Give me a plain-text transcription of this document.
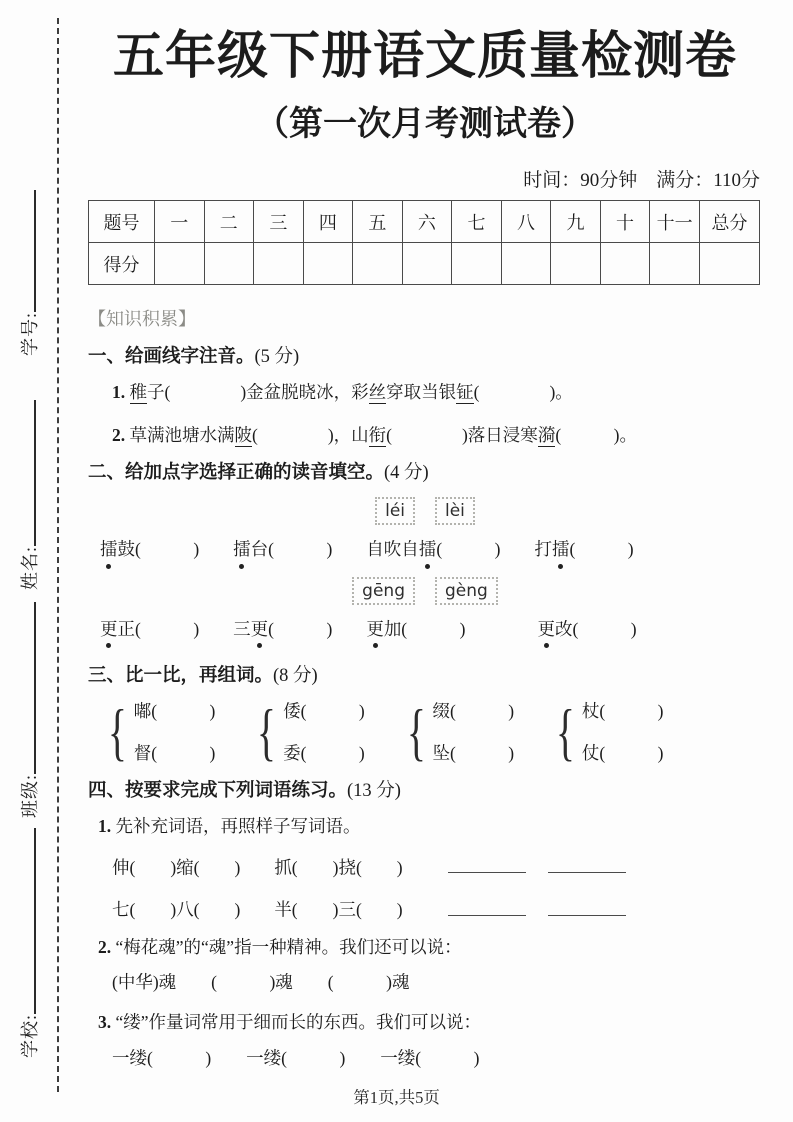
学校:班级:姓名:学号:
五年级下册语文质量检测卷
（第一次月考测试卷）
时间：90分钟　满分：110分
题号	一	二	三	四	五	六	七	八	九	十	十一	总分
得分												
【知识积累】
一、给画线字注音。(5 分)
1. 稚子(　　　　)金盆脱晓冰，彩丝穿取当银钲(　　　　)。
2. 草满池塘水满陂(　　　　)，山衔(　　　　)落日浸寒漪(　　　)。
二、给加点字选择正确的读音填空。(4 分)
léi lèi
擂鼓(　　　) 擂台(　　　) 自吹自擂(　　　) 打擂(　　　)
gēng gèng
更正(　　　) 三更(　　　) 更加(　　　)	更改(　　　)
三、比一比，再组词。(8 分)
{ 嘟(　　　)
督(　　　) { 倭(　　　)
委(　　　) { 缀(　　　)
坠(　　　) { 杖(　　　)
仗(　　　)
四、按要求完成下列词语练习。(13 分)
1. 先补充词语，再照样子写词语。
伸(　　)缩(　　) 抓(　　)挠(　　)
七(　　)八(　　) 半(　　)三(　　)
2. “梅花魂”的“魂”指一种精神。我们还可以说：
(中华)魂　　(　　　)魂　　(　　　)魂
3. “缕”作量词常用于细而长的东西。我们可以说：
一缕(　　　)　　一缕(　　　)　　一缕(　　　)
第1页,共5页
